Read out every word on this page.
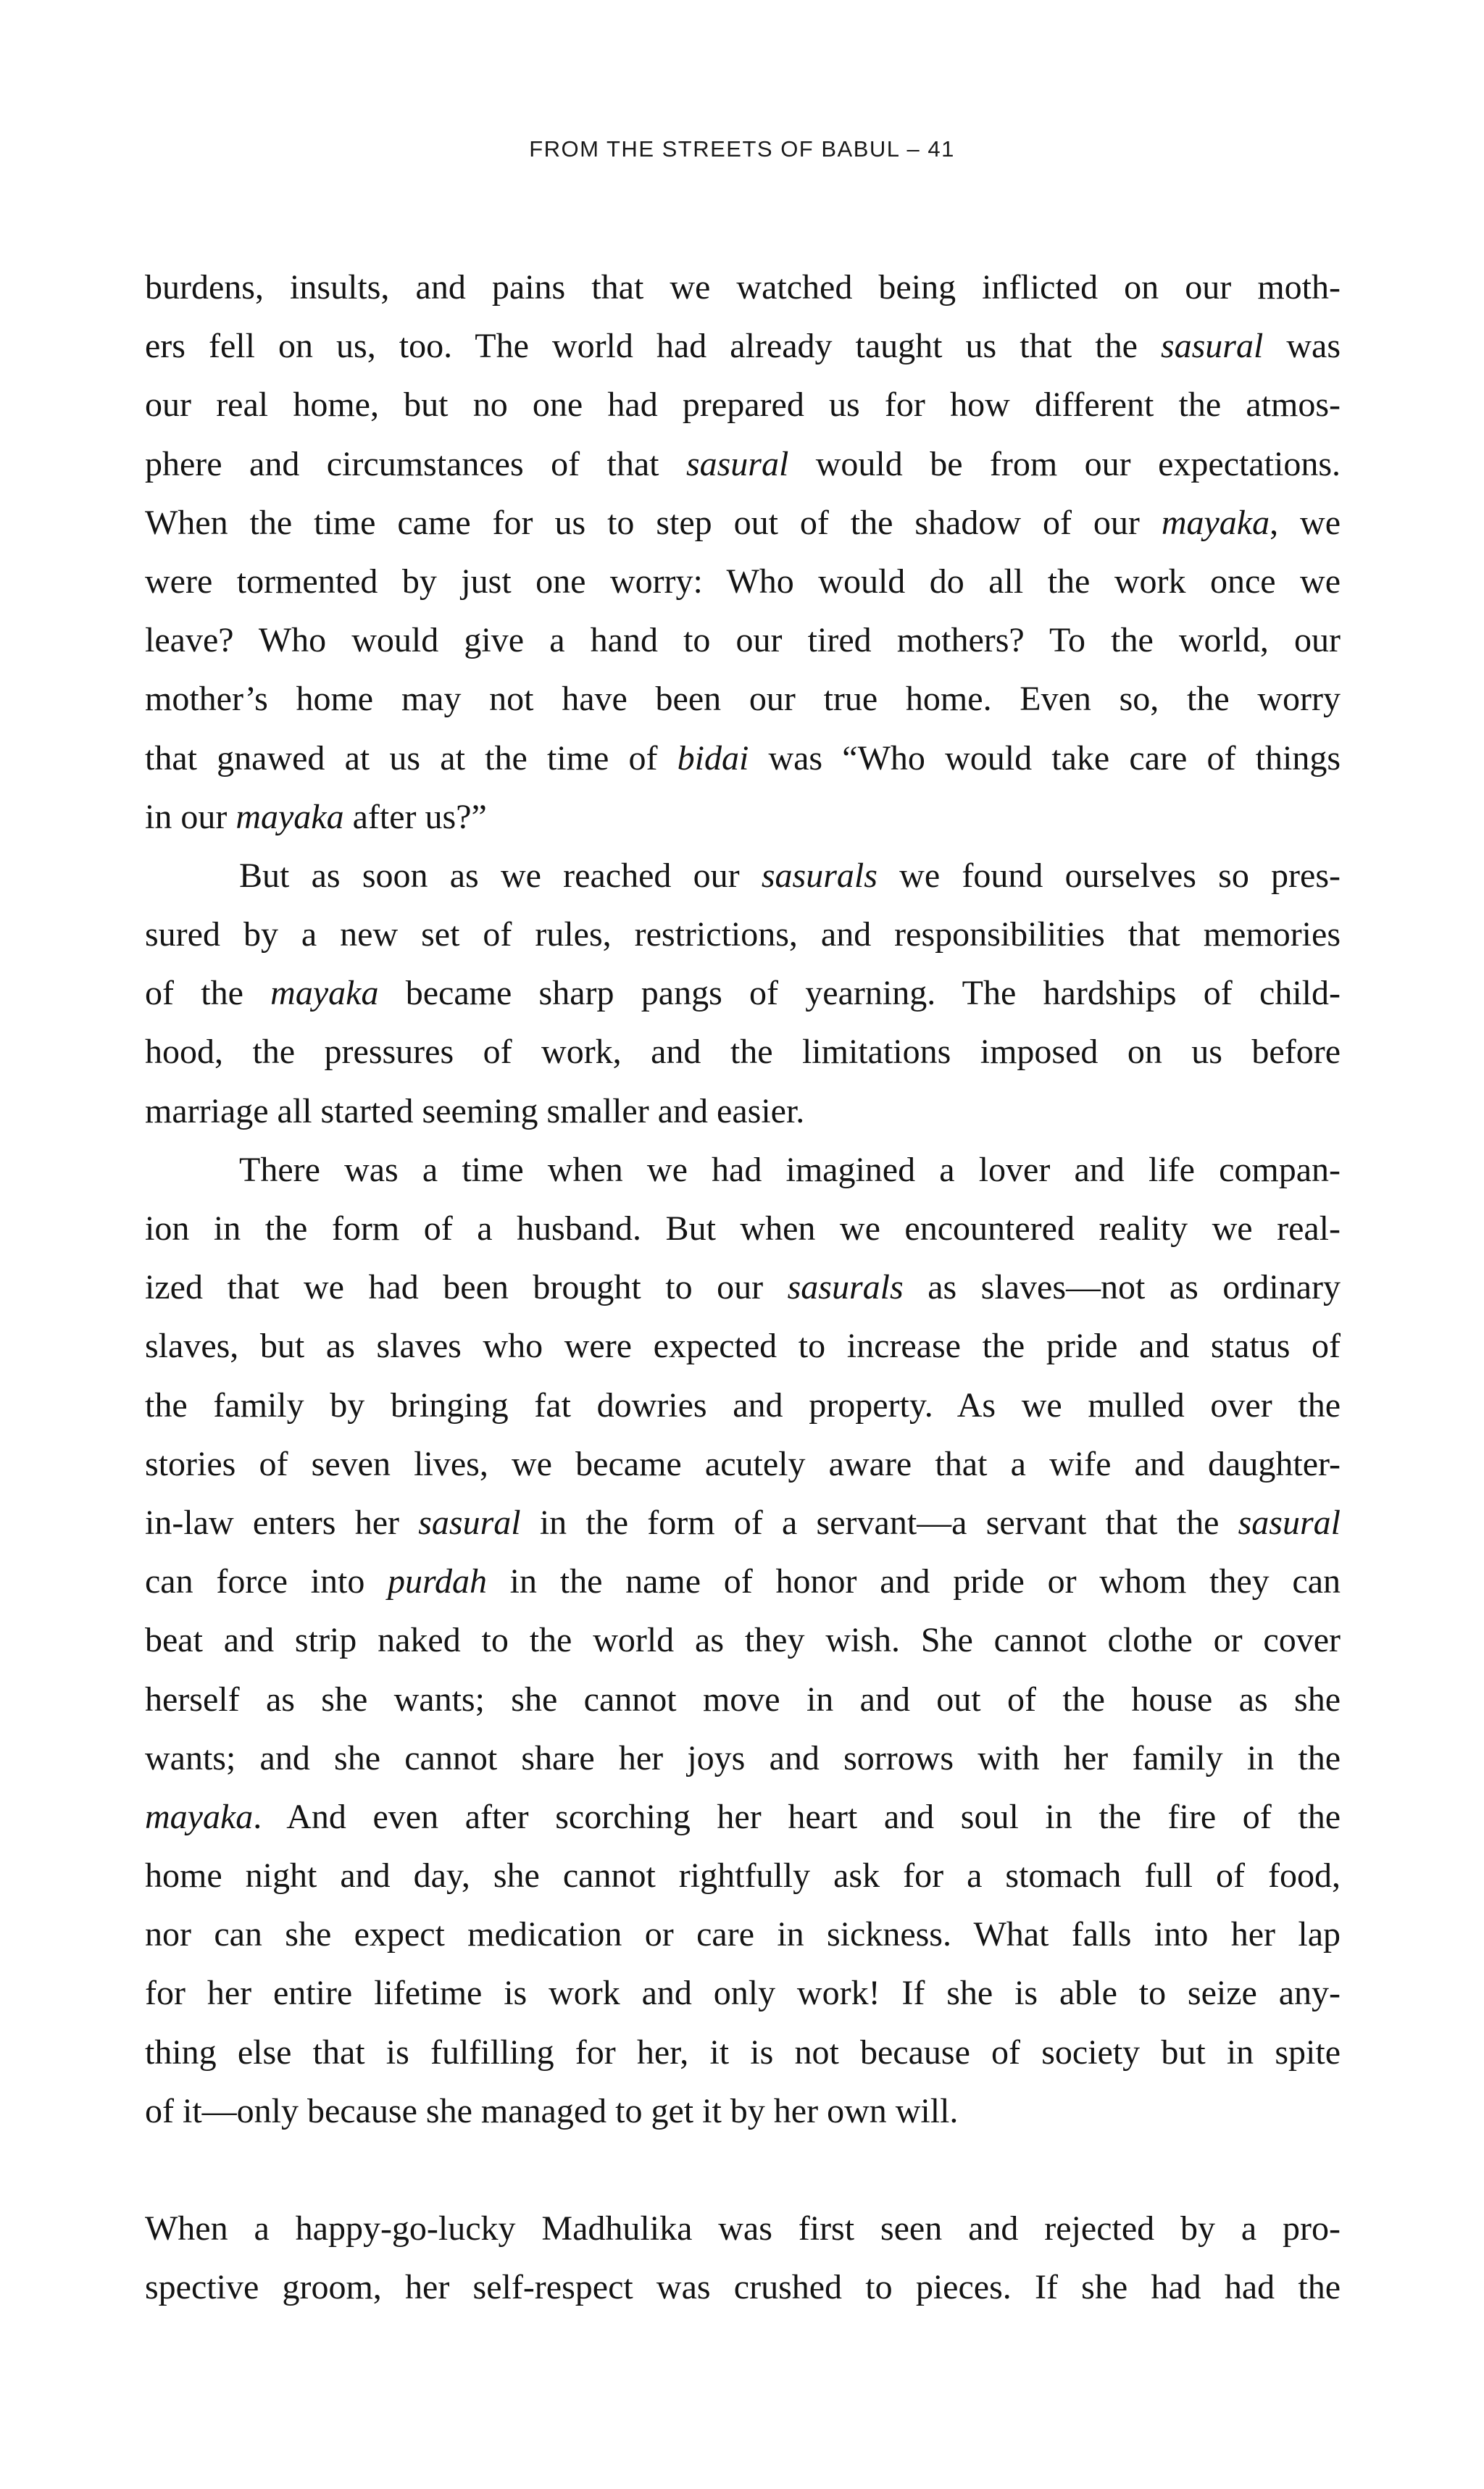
FROM THE STREETS OF BABUL – 41
burdens, insults, and pains that we watched being inflicted on our moth-
ers fell on us, too. The world had already taught us that the sasural was
our real home, but no one had prepared us for how different the atmos-
phere and circumstances of that sasural would be from our expectations.
When the time came for us to step out of the shadow of our mayaka, we
were tormented by just one worry: Who would do all the work once we
leave? Who would give a hand to our tired mothers? To the world, our
mother’s home may not have been our true home. Even so, the worry
that gnawed at us at the time of bidai was “Who would take care of things
in our mayaka after us?”
But as soon as we reached our sasurals we found ourselves so pres-
sured by a new set of rules, restrictions, and responsibilities that memories
of the mayaka became sharp pangs of yearning. The hardships of child-
hood, the pressures of work, and the limitations imposed on us before
marriage all started seeming smaller and easier.
There was a time when we had imagined a lover and life compan-
ion in the form of a husband. But when we encountered reality we real-
ized that we had been brought to our sasurals as slaves—not as ordinary
slaves, but as slaves who were expected to increase the pride and status of
the family by bringing fat dowries and property. As we mulled over the
stories of seven lives, we became acutely aware that a wife and daughter-
in-law enters her sasural in the form of a servant—a servant that the sasural
can force into purdah in the name of honor and pride or whom they can
beat and strip naked to the world as they wish. She cannot clothe or cover
herself as she wants; she cannot move in and out of the house as she
wants; and she cannot share her joys and sorrows with her family in the
mayaka. And even after scorching her heart and soul in the fire of the
home night and day, she cannot rightfully ask for a stomach full of food,
nor can she expect medication or care in sickness. What falls into her lap
for her entire lifetime is work and only work! If she is able to seize any-
thing else that is fulfilling for her, it is not because of society but in spite
of it—only because she managed to get it by her own will.
When a happy-go-lucky Madhulika was first seen and rejected by a pro-
spective groom, her self-respect was crushed to pieces. If she had had the
